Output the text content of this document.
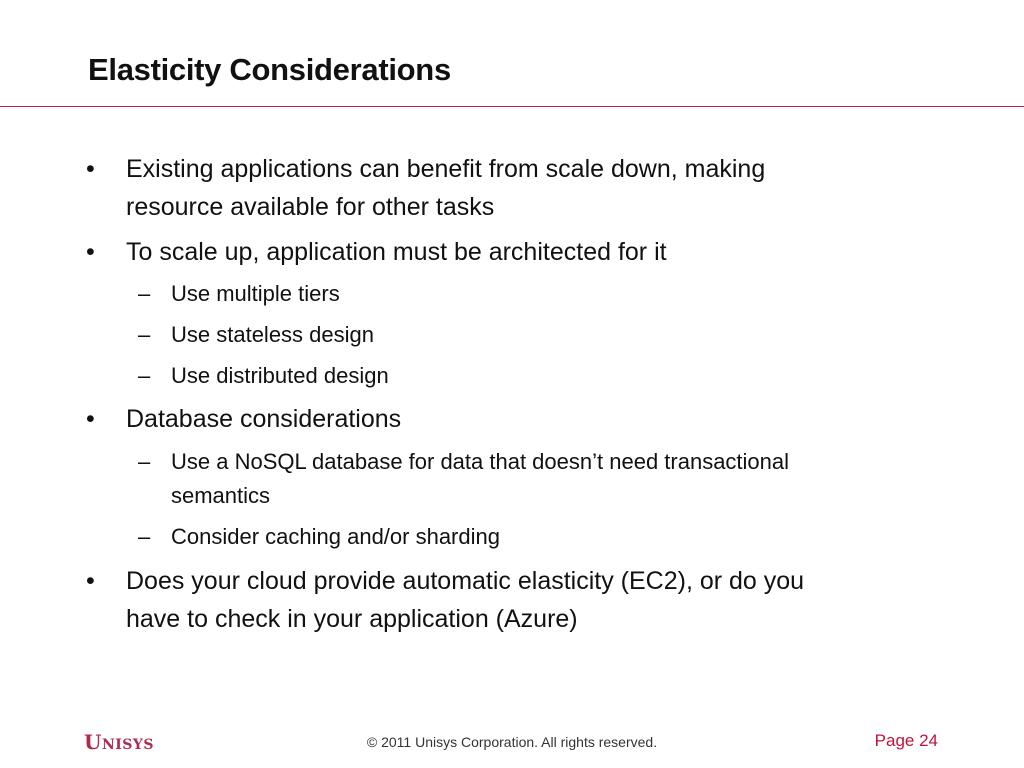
Elasticity Considerations
• Existing applications can benefit from scale down, making
resource available for other tasks
• To scale up, application must be architected for it
– Use multiple tiers
– Use stateless design
– Use distributed design
• Database considerations
– Use a NoSQL database for data that doesn’t need transactional
semantics
– Consider caching and/or sharding
• Does your cloud provide automatic elasticity (EC2), or do you
have to check in your application (Azure)
Unisys	© 2011 Unisys Corporation. All rights reserved.	Page 24
